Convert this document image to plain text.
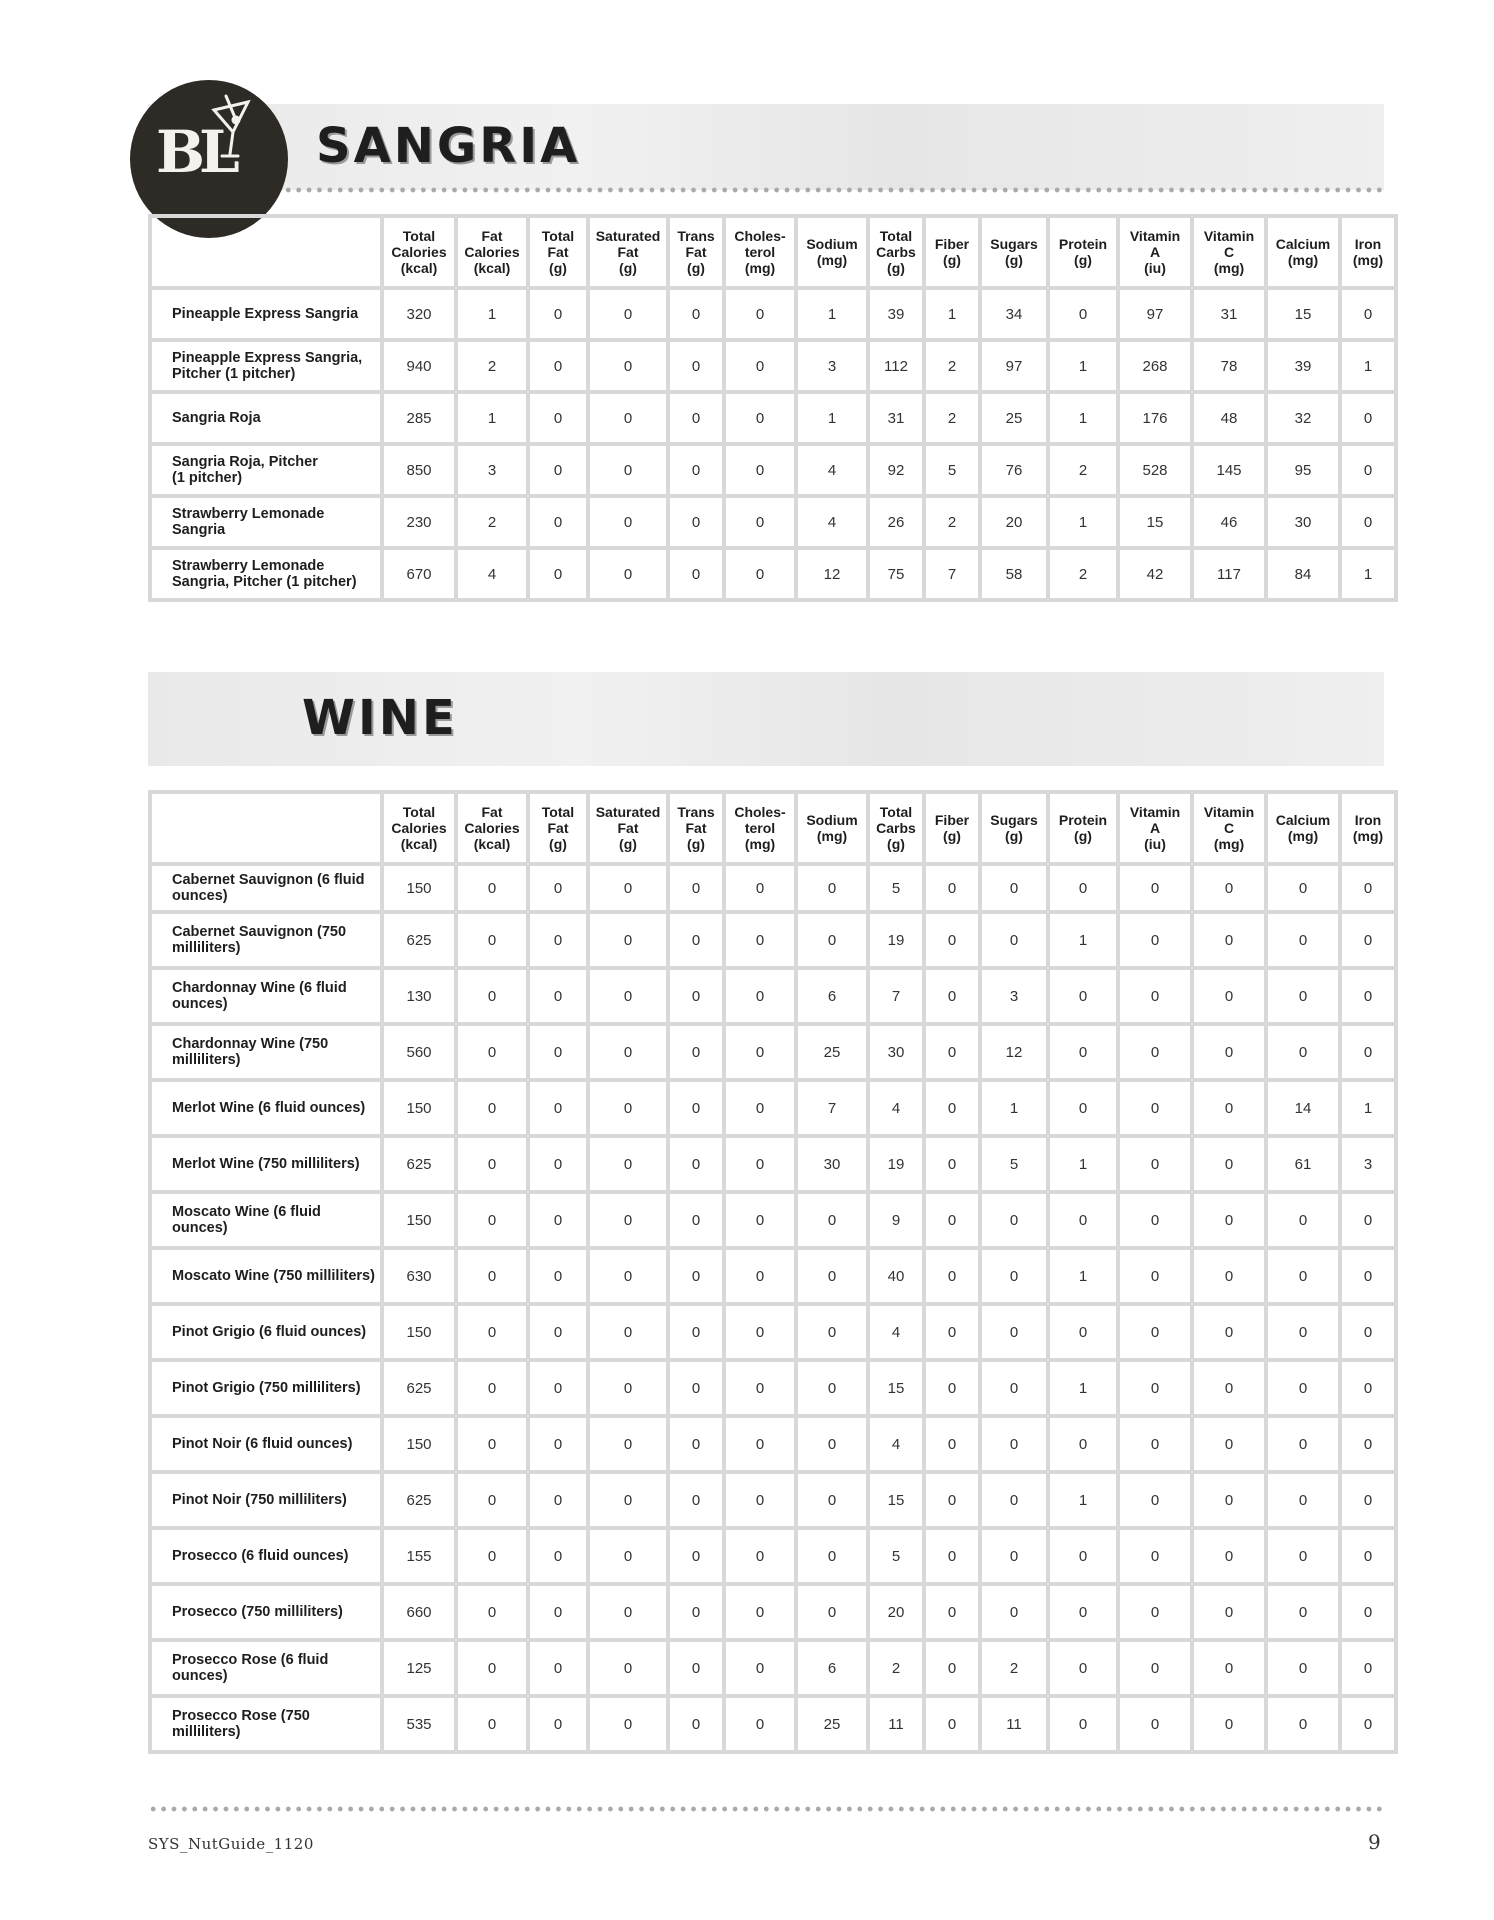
SANGRIA
BL
	Total
Calories
(kcal)	Fat
Calories
(kcal)	Total
Fat
(g)	Saturated
Fat
(g)	Trans
Fat
(g)	Choles-
terol
(mg)	Sodium
(mg)	Total
Carbs
(g)	Fiber
(g)	Sugars
(g)	Protein
(g)	Vitamin
A
(iu)	Vitamin
C
(mg)	Calcium
(mg)	Iron
(mg)
Pineapple Express Sangria	320	1	0	0	0	0	1	39	1	34	0	97	31	15	0
Pineapple Express Sangria,
Pitcher (1 pitcher)	940	2	0	0	0	0	3	112	2	97	1	268	78	39	1
Sangria Roja	285	1	0	0	0	0	1	31	2	25	1	176	48	32	0
Sangria Roja, Pitcher
(1 pitcher)	850	3	0	0	0	0	4	92	5	76	2	528	145	95	0
Strawberry Lemonade
Sangria	230	2	0	0	0	0	4	26	2	20	1	15	46	30	0
Strawberry Lemonade
Sangria, Pitcher (1 pitcher)	670	4	0	0	0	0	12	75	7	58	2	42	117	84	1
WINE
	Total
Calories
(kcal)	Fat
Calories
(kcal)	Total
Fat
(g)	Saturated
Fat
(g)	Trans
Fat
(g)	Choles-
terol
(mg)	Sodium
(mg)	Total
Carbs
(g)	Fiber
(g)	Sugars
(g)	Protein
(g)	Vitamin
A
(iu)	Vitamin
C
(mg)	Calcium
(mg)	Iron
(mg)
Cabernet Sauvignon (6 fluid
ounces)	150	0	0	0	0	0	0	5	0	0	0	0	0	0	0
Cabernet Sauvignon (750
milliliters)	625	0	0	0	0	0	0	19	0	0	1	0	0	0	0
Chardonnay Wine (6 fluid
ounces)	130	0	0	0	0	0	6	7	0	3	0	0	0	0	0
Chardonnay Wine (750
milliliters)	560	0	0	0	0	0	25	30	0	12	0	0	0	0	0
Merlot Wine (6 fluid ounces)	150	0	0	0	0	0	7	4	0	1	0	0	0	14	1
Merlot Wine (750 milliliters)	625	0	0	0	0	0	30	19	0	5	1	0	0	61	3
Moscato Wine (6 fluid ounces)	150	0	0	0	0	0	0	9	0	0	0	0	0	0	0
Moscato Wine (750 milliliters)	630	0	0	0	0	0	0	40	0	0	1	0	0	0	0
Pinot Grigio (6 fluid ounces)	150	0	0	0	0	0	0	4	0	0	0	0	0	0	0
Pinot Grigio (750 milliliters)	625	0	0	0	0	0	0	15	0	0	1	0	0	0	0
Pinot Noir (6 fluid ounces)	150	0	0	0	0	0	0	4	0	0	0	0	0	0	0
Pinot Noir (750 milliliters)	625	0	0	0	0	0	0	15	0	0	1	0	0	0	0
Prosecco (6 fluid ounces)	155	0	0	0	0	0	0	5	0	0	0	0	0	0	0
Prosecco (750 milliliters)	660	0	0	0	0	0	0	20	0	0	0	0	0	0	0
Prosecco Rose (6 fluid ounces)	125	0	0	0	0	0	6	2	0	2	0	0	0	0	0
Prosecco Rose (750 milliliters)	535	0	0	0	0	0	25	11	0	11	0	0	0	0	0
SYS_NutGuide_1120	9
